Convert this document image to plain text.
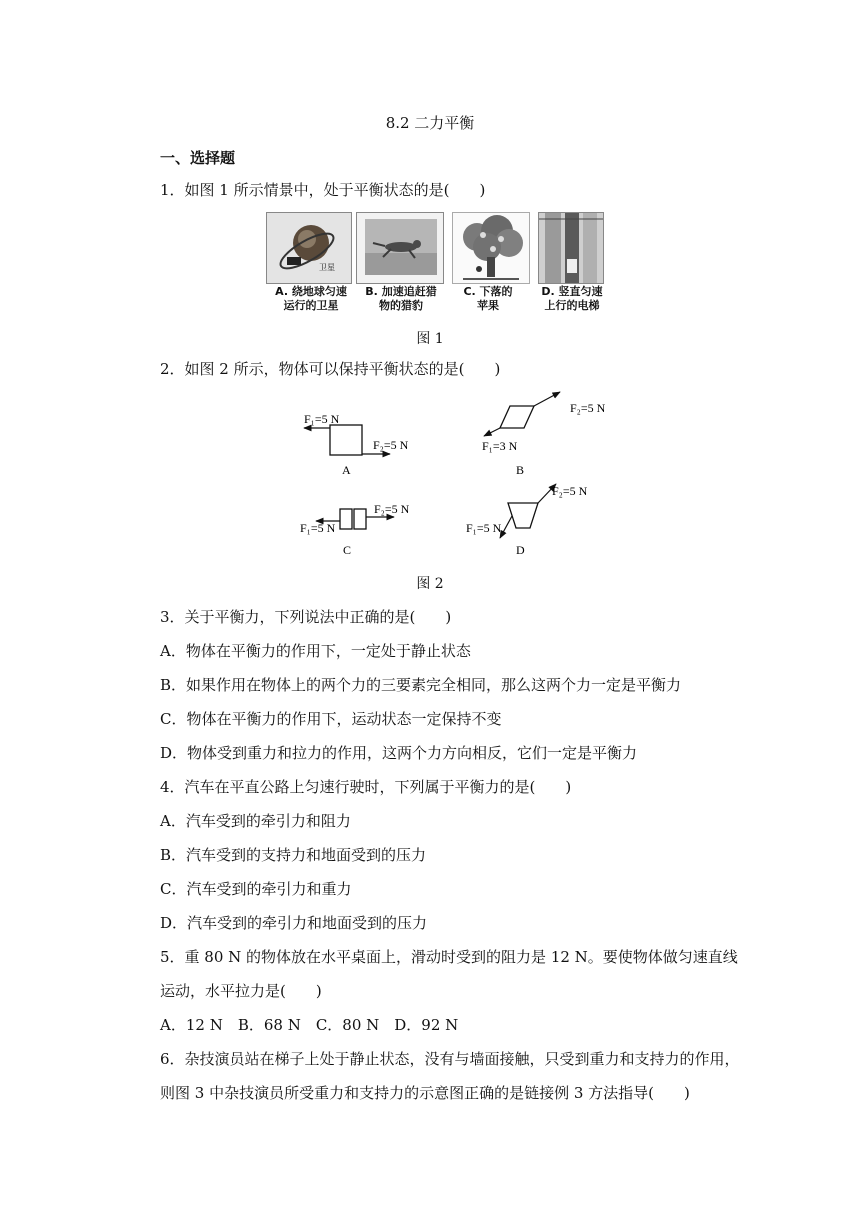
8.2 二力平衡
一、选择题
1．如图 1 所示情景中，处于平衡状态的是(　　)
卫星
A. 绕地球匀速
运行的卫星
B. 加速追赶猎
物的猎豹
C. 下落的
苹果
D. 竖直匀速
上行的电梯
图 1
2．如图 2 所示，物体可以保持平衡状态的是(　　)
F₁=5 N
F₂=5 N
A
F₂=5 N
F₁=3 N
B
F₂=5 N
F₁=5 N
C
F₂=5 N
F₁=5 N
D
图 2
3．关于平衡力，下列说法中正确的是(　　)
A．物体在平衡力的作用下，一定处于静止状态
B．如果作用在物体上的两个力的三要素完全相同，那么这两个力一定是平衡力
C．物体在平衡力的作用下，运动状态一定保持不变
D．物体受到重力和拉力的作用，这两个力方向相反，它们一定是平衡力
4．汽车在平直公路上匀速行驶时，下列属于平衡力的是(　　)
A．汽车受到的牵引力和阻力
B．汽车受到的支持力和地面受到的压力
C．汽车受到的牵引力和重力
D．汽车受到的牵引力和地面受到的压力
5．重 80 N 的物体放在水平桌面上，滑动时受到的阻力是 12 N。要使物体做匀速直线
运动，水平拉力是(　　)
A．12 N　B．68 N　C．80 N　D．92 N
6．杂技演员站在梯子上处于静止状态，没有与墙面接触，只受到重力和支持力的作用，
则图 3 中杂技演员所受重力和支持力的示意图正确的是链接例 3 方法指导(　　)
